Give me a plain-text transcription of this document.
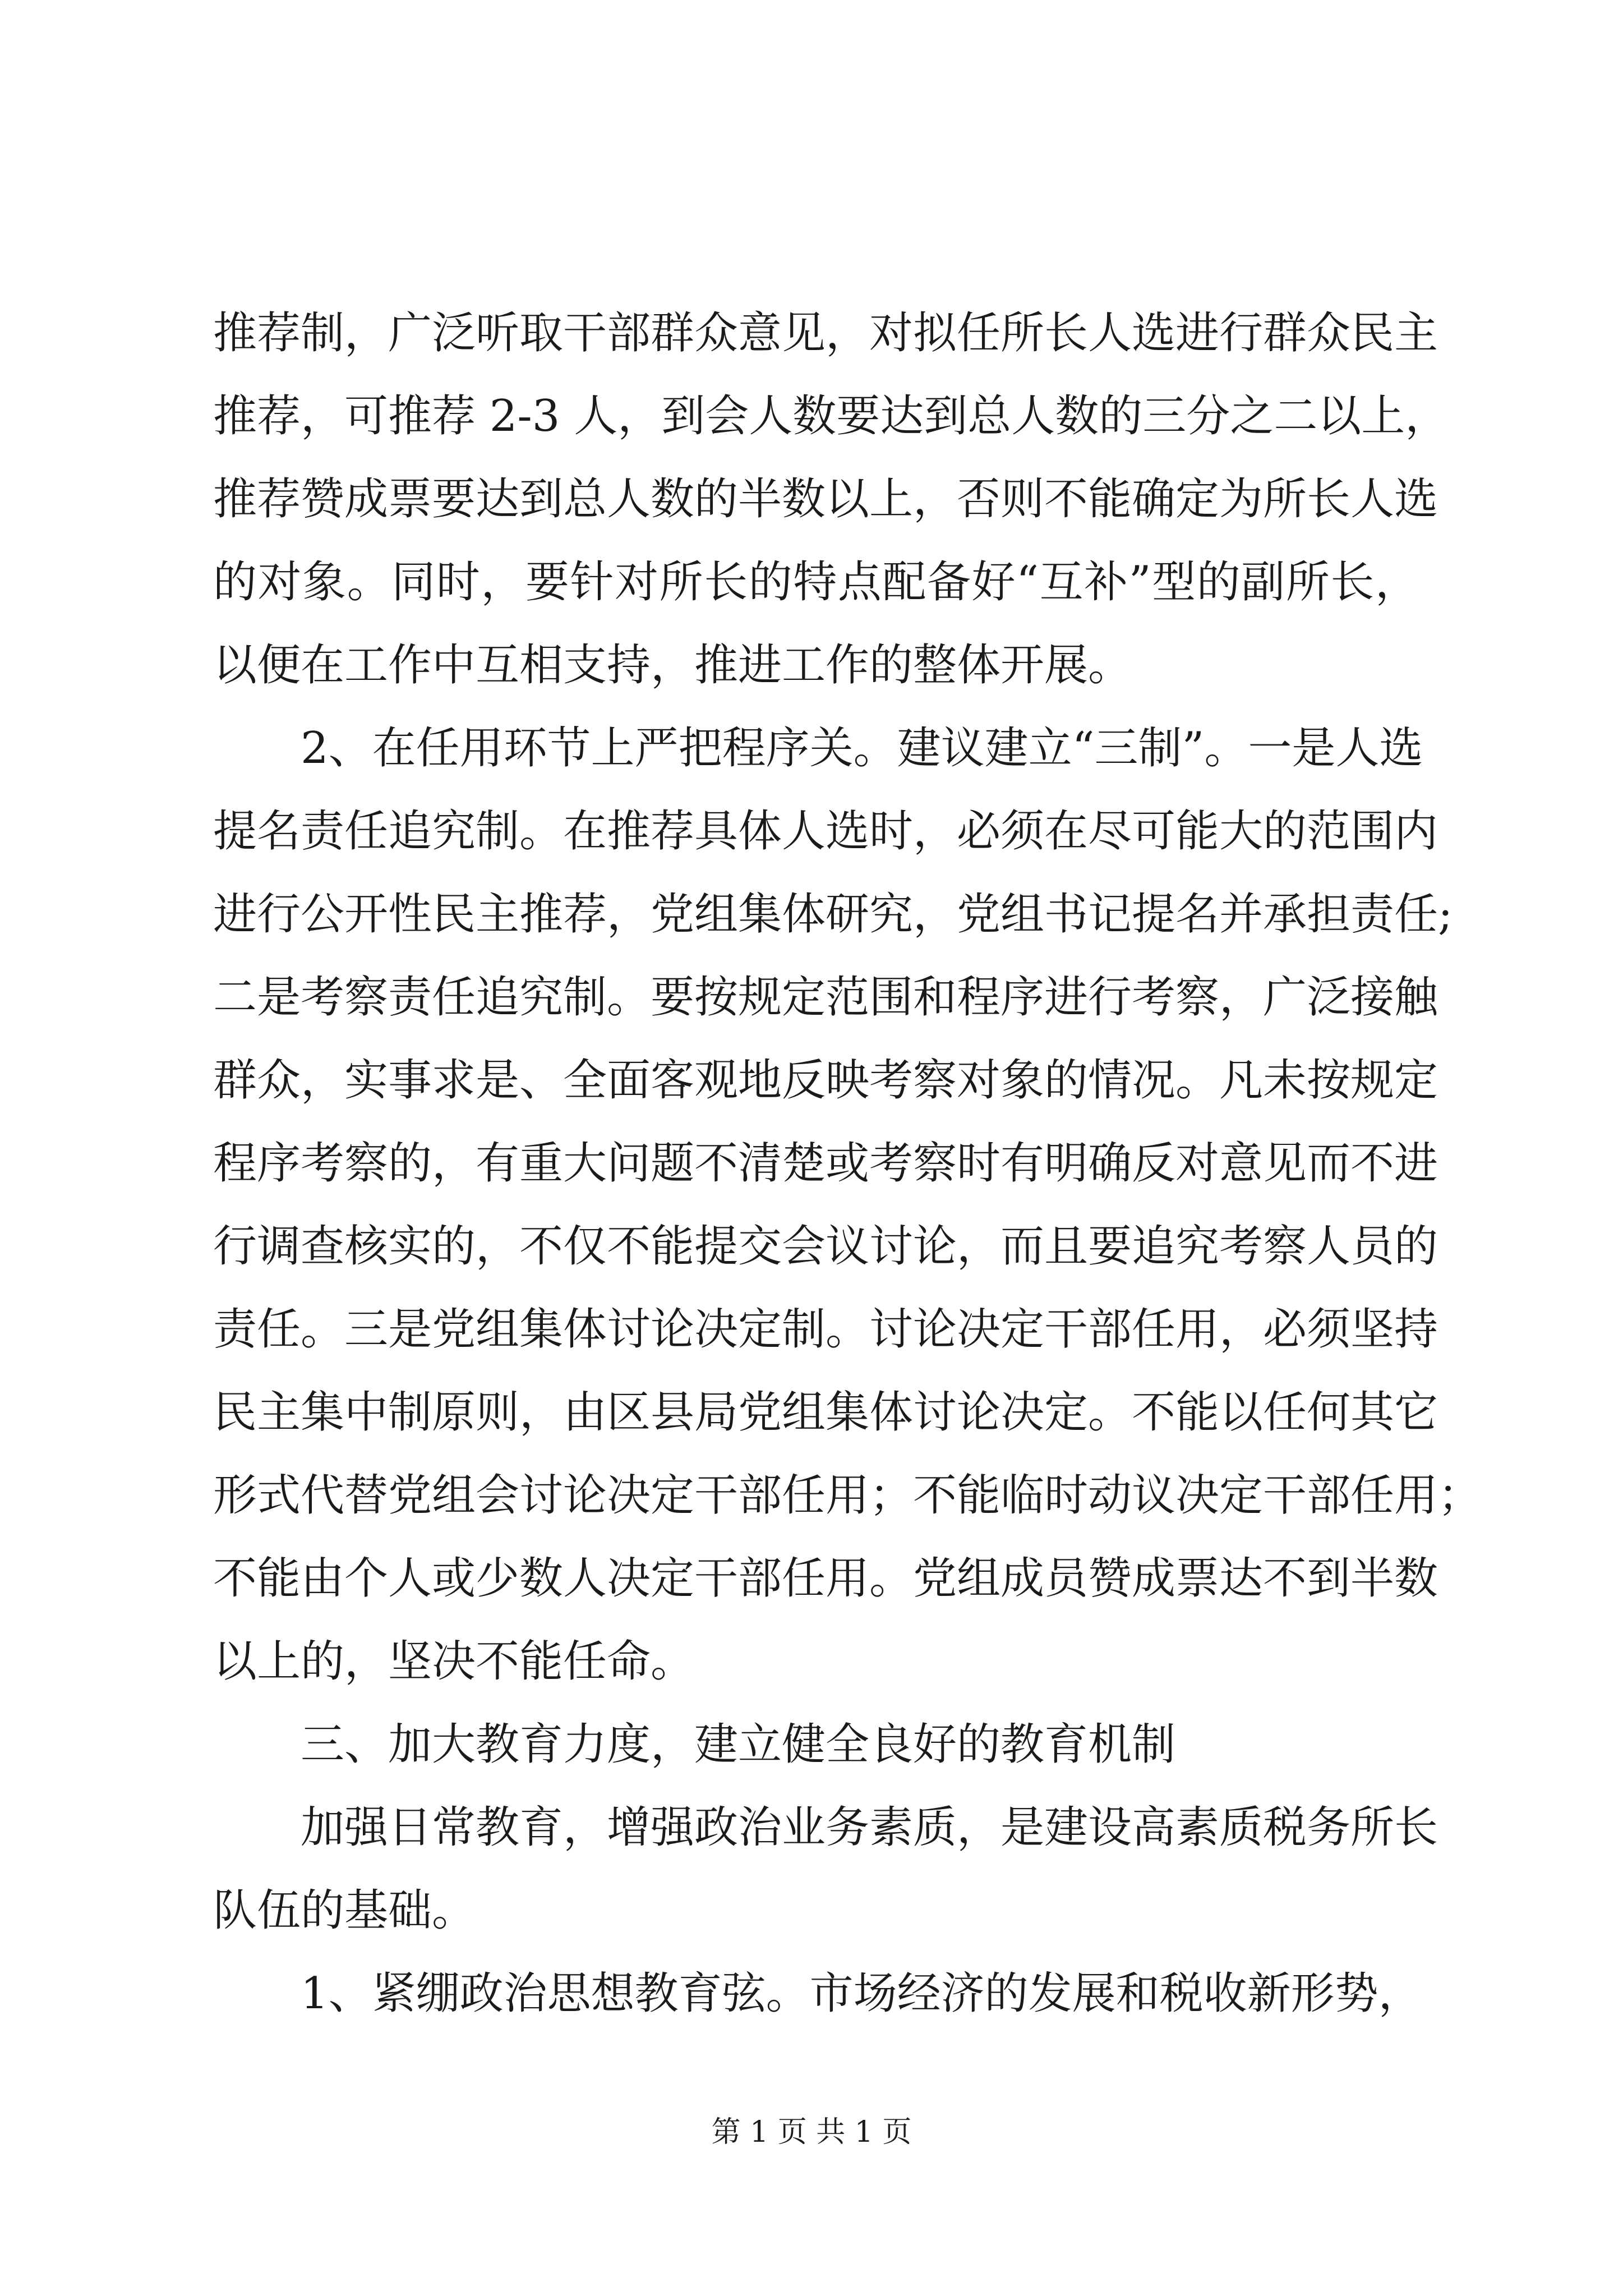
推荐制，广泛听取干部群众意见，对拟任所长人选进行群众民主
推荐，可推荐 2-3 人，到会人数要达到总人数的三分之二以上，
推荐赞成票要达到总人数的半数以上，否则不能确定为所长人选
的对象。同时，要针对所长的特点配备好“互补”型的副所长，
以便在工作中互相支持，推进工作的整体开展。
2、在任用环节上严把程序关。建议建立“三制”。一是人选
提名责任追究制。在推荐具体人选时，必须在尽可能大的范围内
进行公开性民主推荐，党组集体研究，党组书记提名并承担责任;
二是考察责任追究制。要按规定范围和程序进行考察，广泛接触
群众，实事求是、全面客观地反映考察对象的情况。凡未按规定
程序考察的，有重大问题不清楚或考察时有明确反对意见而不进
行调查核实的，不仅不能提交会议讨论，而且要追究考察人员的
责任。三是党组集体讨论决定制。讨论决定干部任用，必须坚持
民主集中制原则，由区县局党组集体讨论决定。不能以任何其它
形式代替党组会讨论决定干部任用；不能临时动议决定干部任用；
不能由个人或少数人决定干部任用。党组成员赞成票达不到半数
以上的，坚决不能任命。
三、加大教育力度，建立健全良好的教育机制
加强日常教育，增强政治业务素质，是建设高素质税务所长
队伍的基础。
1、紧绷政治思想教育弦。市场经济的发展和税收新形势，
第 1 页 共 1 页
